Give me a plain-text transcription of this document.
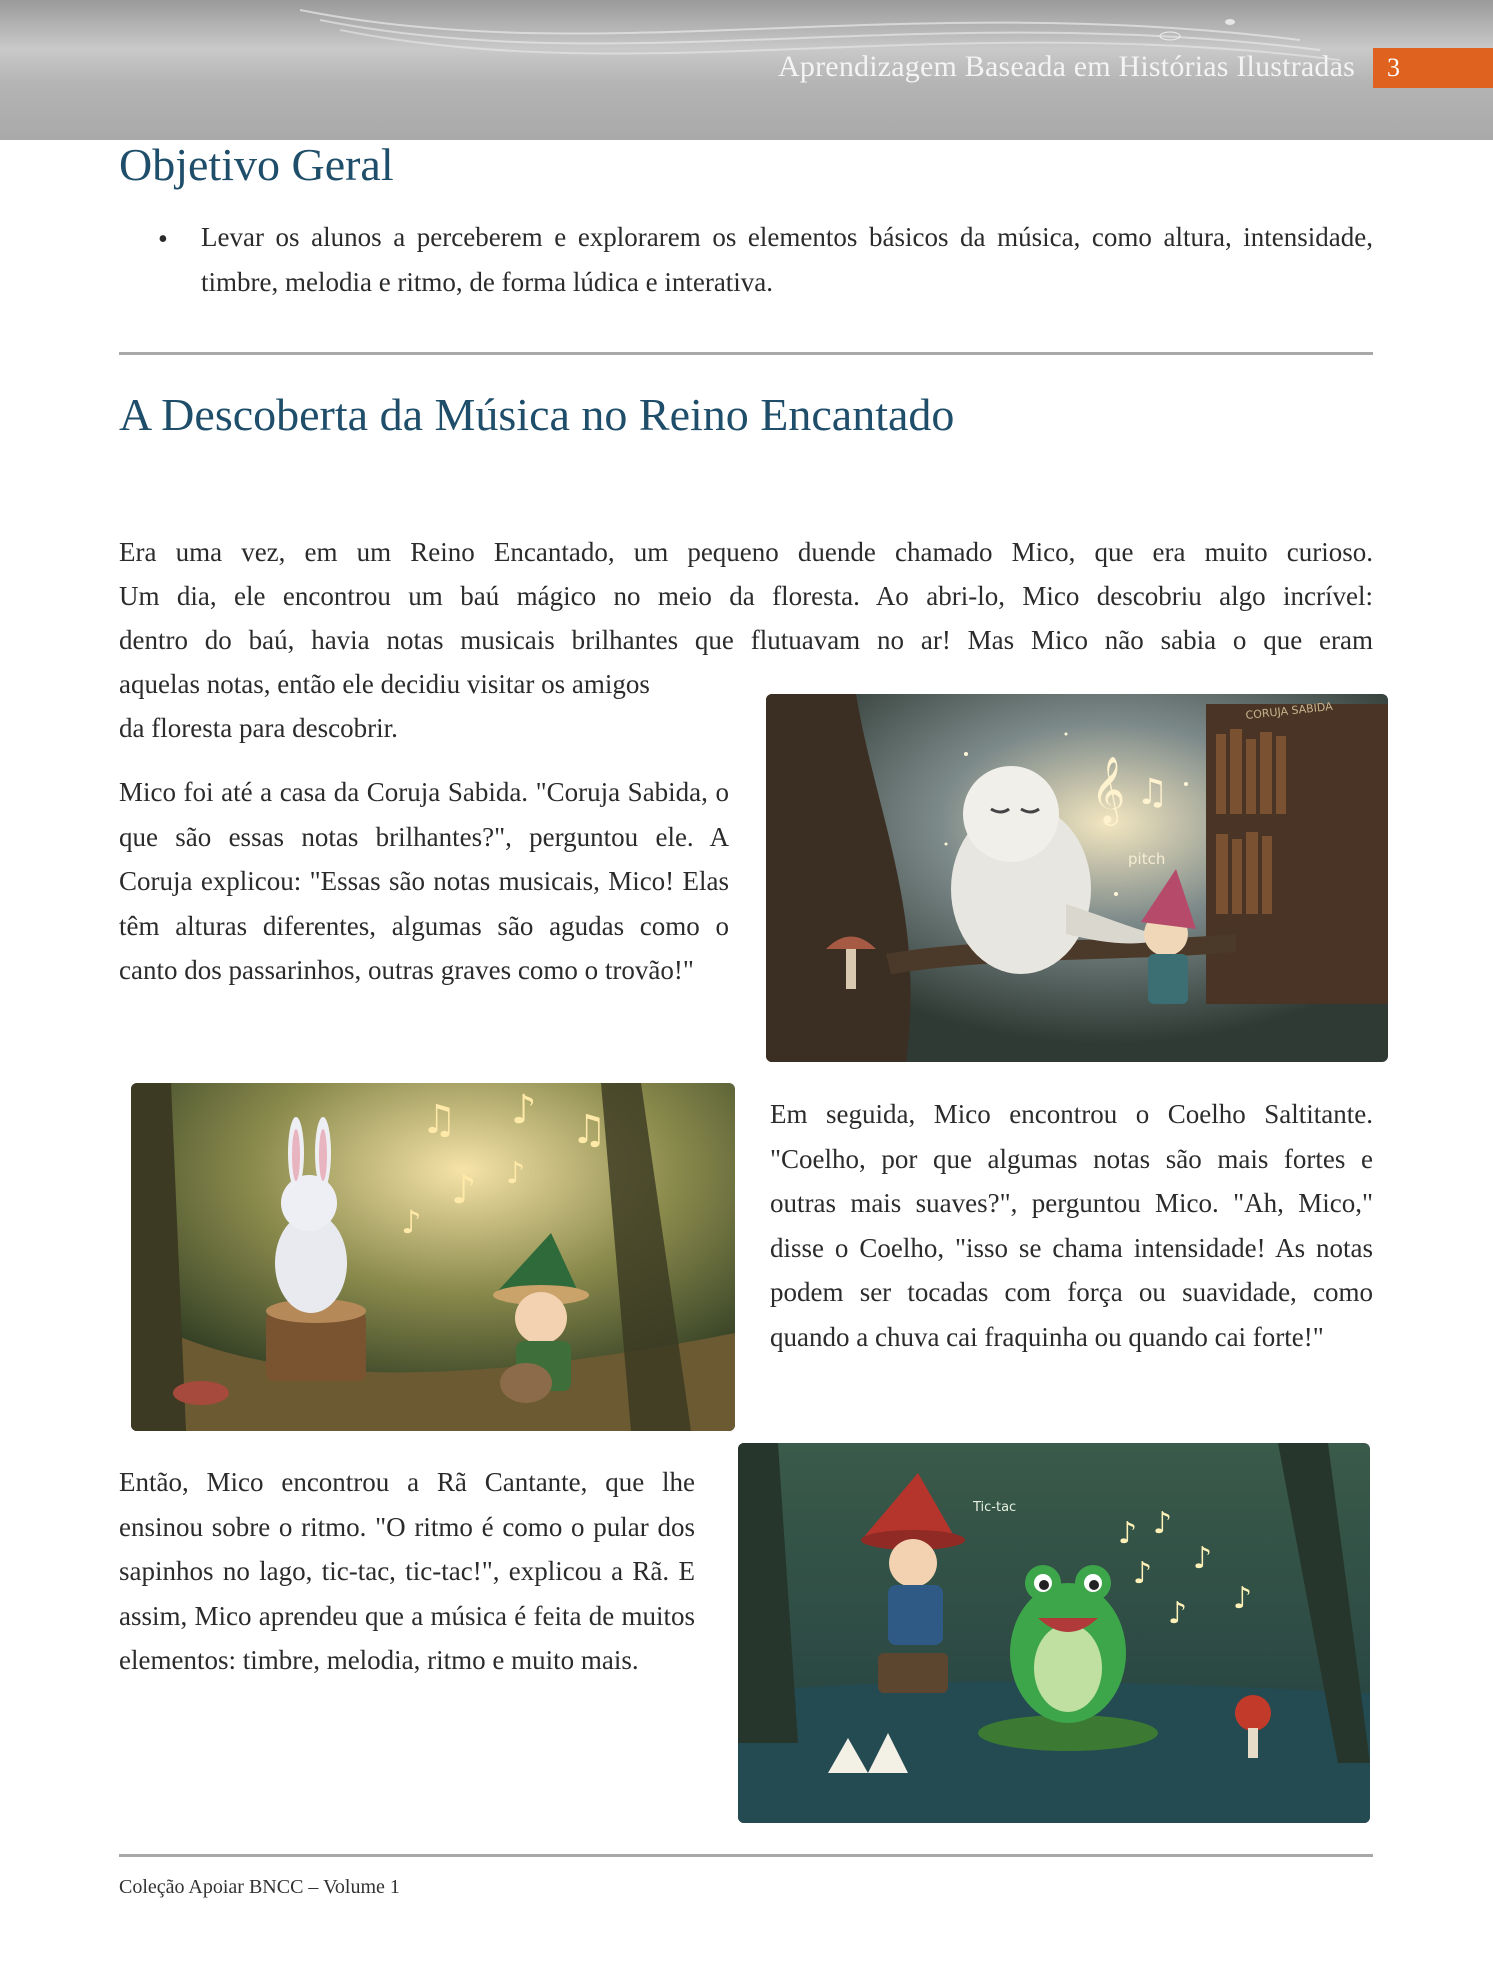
Aprendizagem Baseada em Histórias Ilustradas	3
Objetivo Geral
• Levar os alunos a perceberem e explorarem os elementos básicos da música, como altura, intensidade, timbre, melodia e ritmo, de forma lúdica e interativa.

A Descoberta da Música no Reino Encantado

Era uma vez, em um Reino Encantado, um pequeno duende chamado Mico, que era muito curioso.

Um dia, ele encontrou um baú mágico no meio da floresta. Ao abri-lo, Mico descobriu algo incrível:

dentro do baú, havia notas musicais brilhantes que flutuavam no ar! Mas Mico não sabia o que eram

aquelas notas, então ele decidiu visitar os amigos

da floresta para descobrir.

Mico foi até a casa da Coruja Sabida. "Coruja Sabida, o que são essas notas brilhantes?", perguntou ele. A Coruja explicou: "Essas são notas musicais, Mico! Elas têm alturas diferentes, algumas são agudas como o canto dos passarinhos, outras graves como o trovão!"

𝄞 ♫
pitch
CORUJA SABIDA
♫ ♪ ♫
♪
♪
♪

Em seguida, Mico encontrou o Coelho Saltitante. "Coelho, por que algumas notas são mais fortes e outras mais suaves?", perguntou Mico. "Ah, Mico," disse o Coelho, "isso se chama intensidade! As notas podem ser tocadas com força ou suavidade, como quando a chuva cai fraquinha ou quando cai forte!"

Então, Mico encontrou a Rã Cantante, que lhe ensinou sobre o ritmo. "O ritmo é como o pular dos sapinhos no lago, tic-tac, tic-tac!", explicou a Rã. E assim, Mico aprendeu que a música é feita de muitos elementos: timbre, melodia, ritmo e muito mais.

♪ ♪
♪ ♪
♪ ♪
Tic-tac
Coleção Apoiar BNCC – Volume 1
